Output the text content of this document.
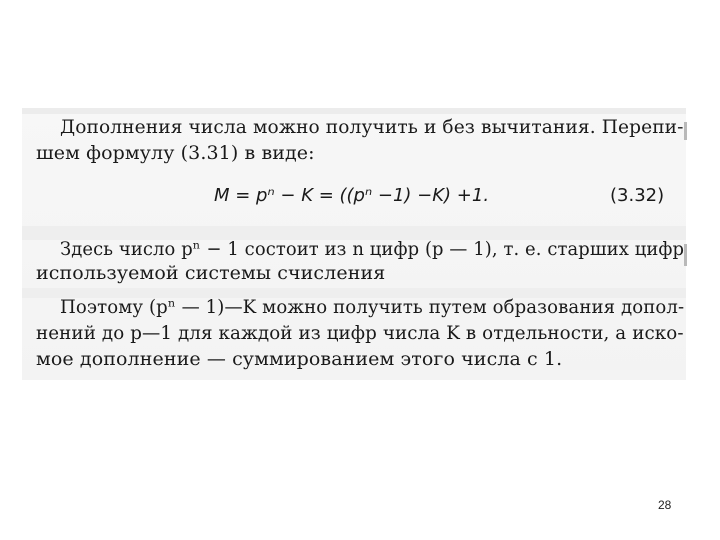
Дополнения числа можно получить и без вычитания. Перепи-

шем формулу (3.31) в виде:

M = pⁿ − K = ((pⁿ −1) −K) +1.	(3.32)

Здесь число pⁿ − 1 состоит из n цифр (p — 1), т. е. старших цифр

используемой системы счисления

Поэтому (pⁿ — 1)—K можно получить путем образования допол-

нений до p—1 для каждой из цифр числа K в отдельности, а иско-

мое дополнение — суммированием этого числа с 1.

28
